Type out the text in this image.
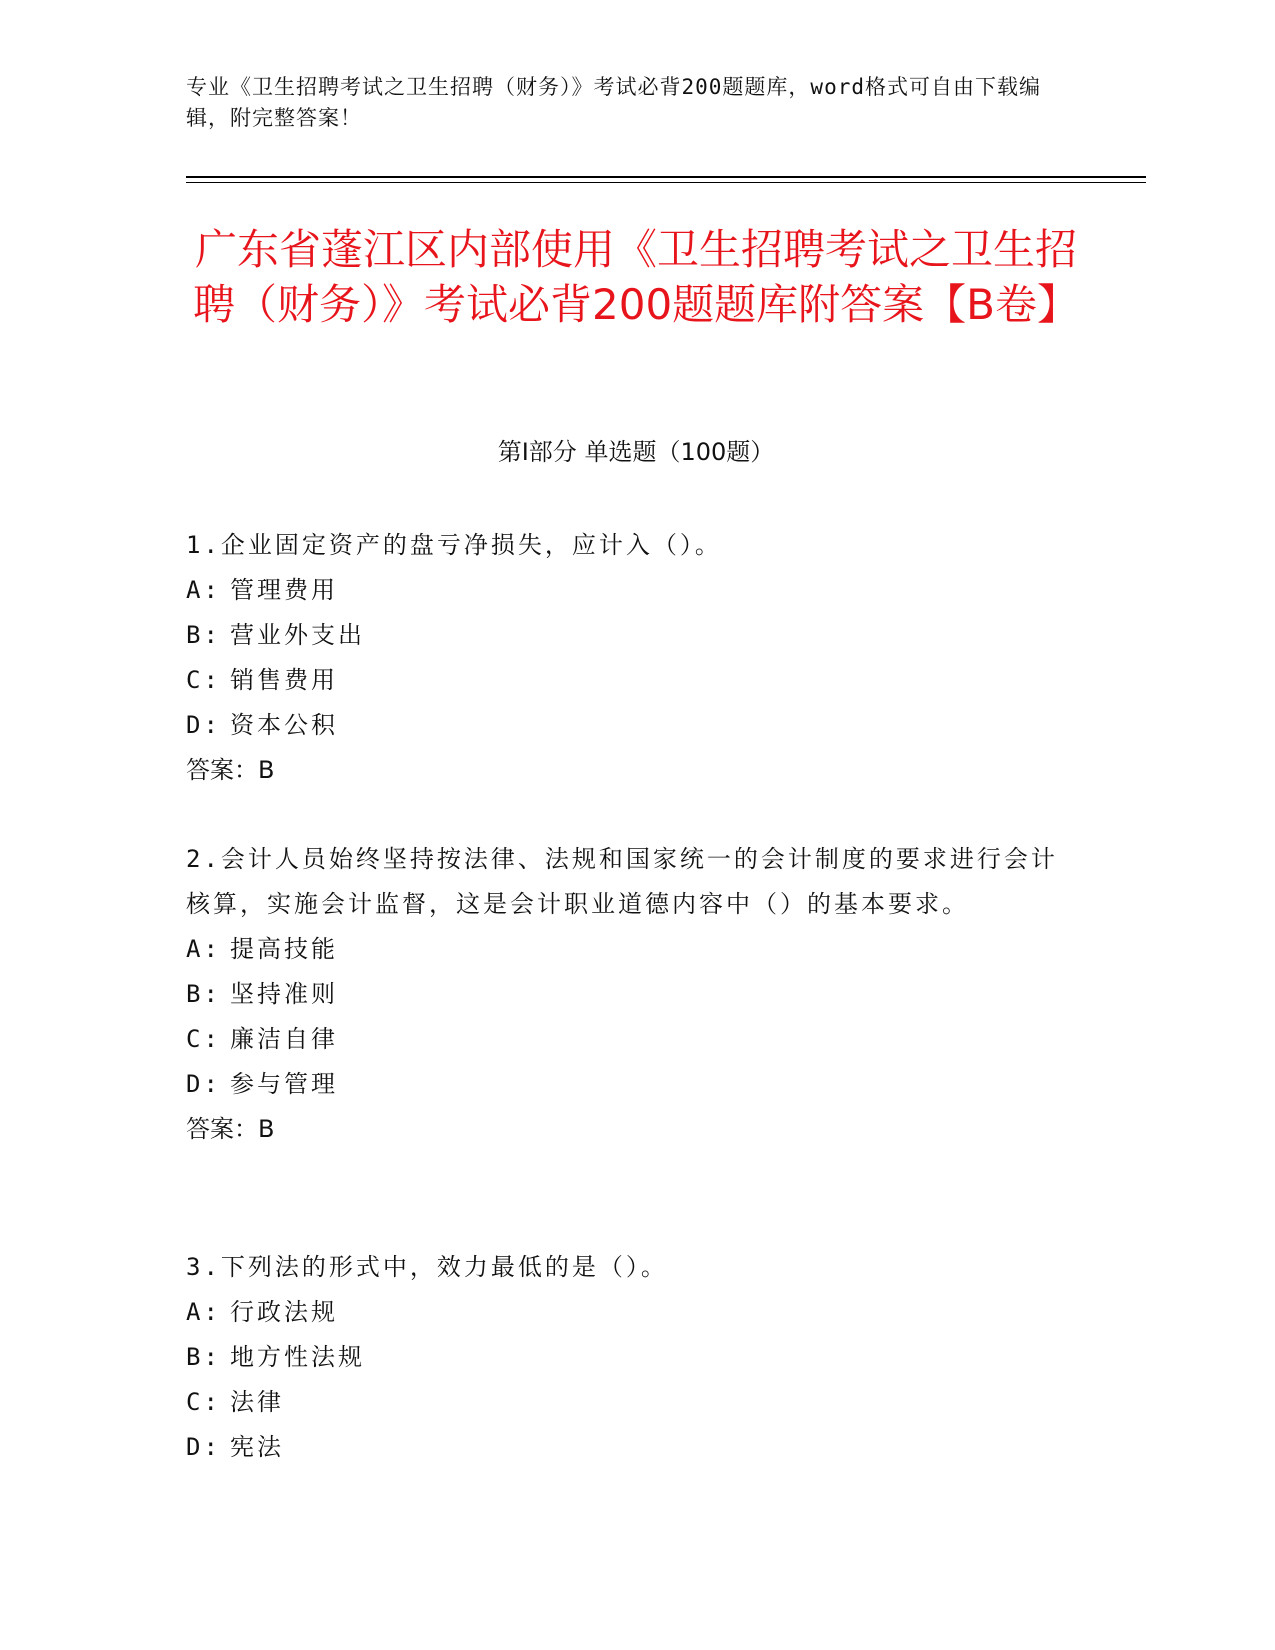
专业《卫生招聘考试之卫生招聘（财务）》考试必背200题题库，word格式可自由下载编辑，附完整答案！
广东省蓬江区内部使用《卫生招聘考试之卫生招聘（财务）》考试必背200题题库附答案【B卷】
第Ⅰ部分 单选题（100题）

1.企业固定资产的盘亏净损失，应计入（）。

A: 管理费用

B: 营业外支出

C: 销售费用

D: 资本公积

答案：B

2.会计人员始终坚持按法律、法规和国家统一的会计制度的要求进行会计核算，实施会计监督，这是会计职业道德内容中（）的基本要求。

A: 提高技能

B: 坚持准则

C: 廉洁自律

D: 参与管理

答案：B

3.下列法的形式中，效力最低的是（）。

A: 行政法规

B: 地方性法规

C: 法律

D: 宪法
